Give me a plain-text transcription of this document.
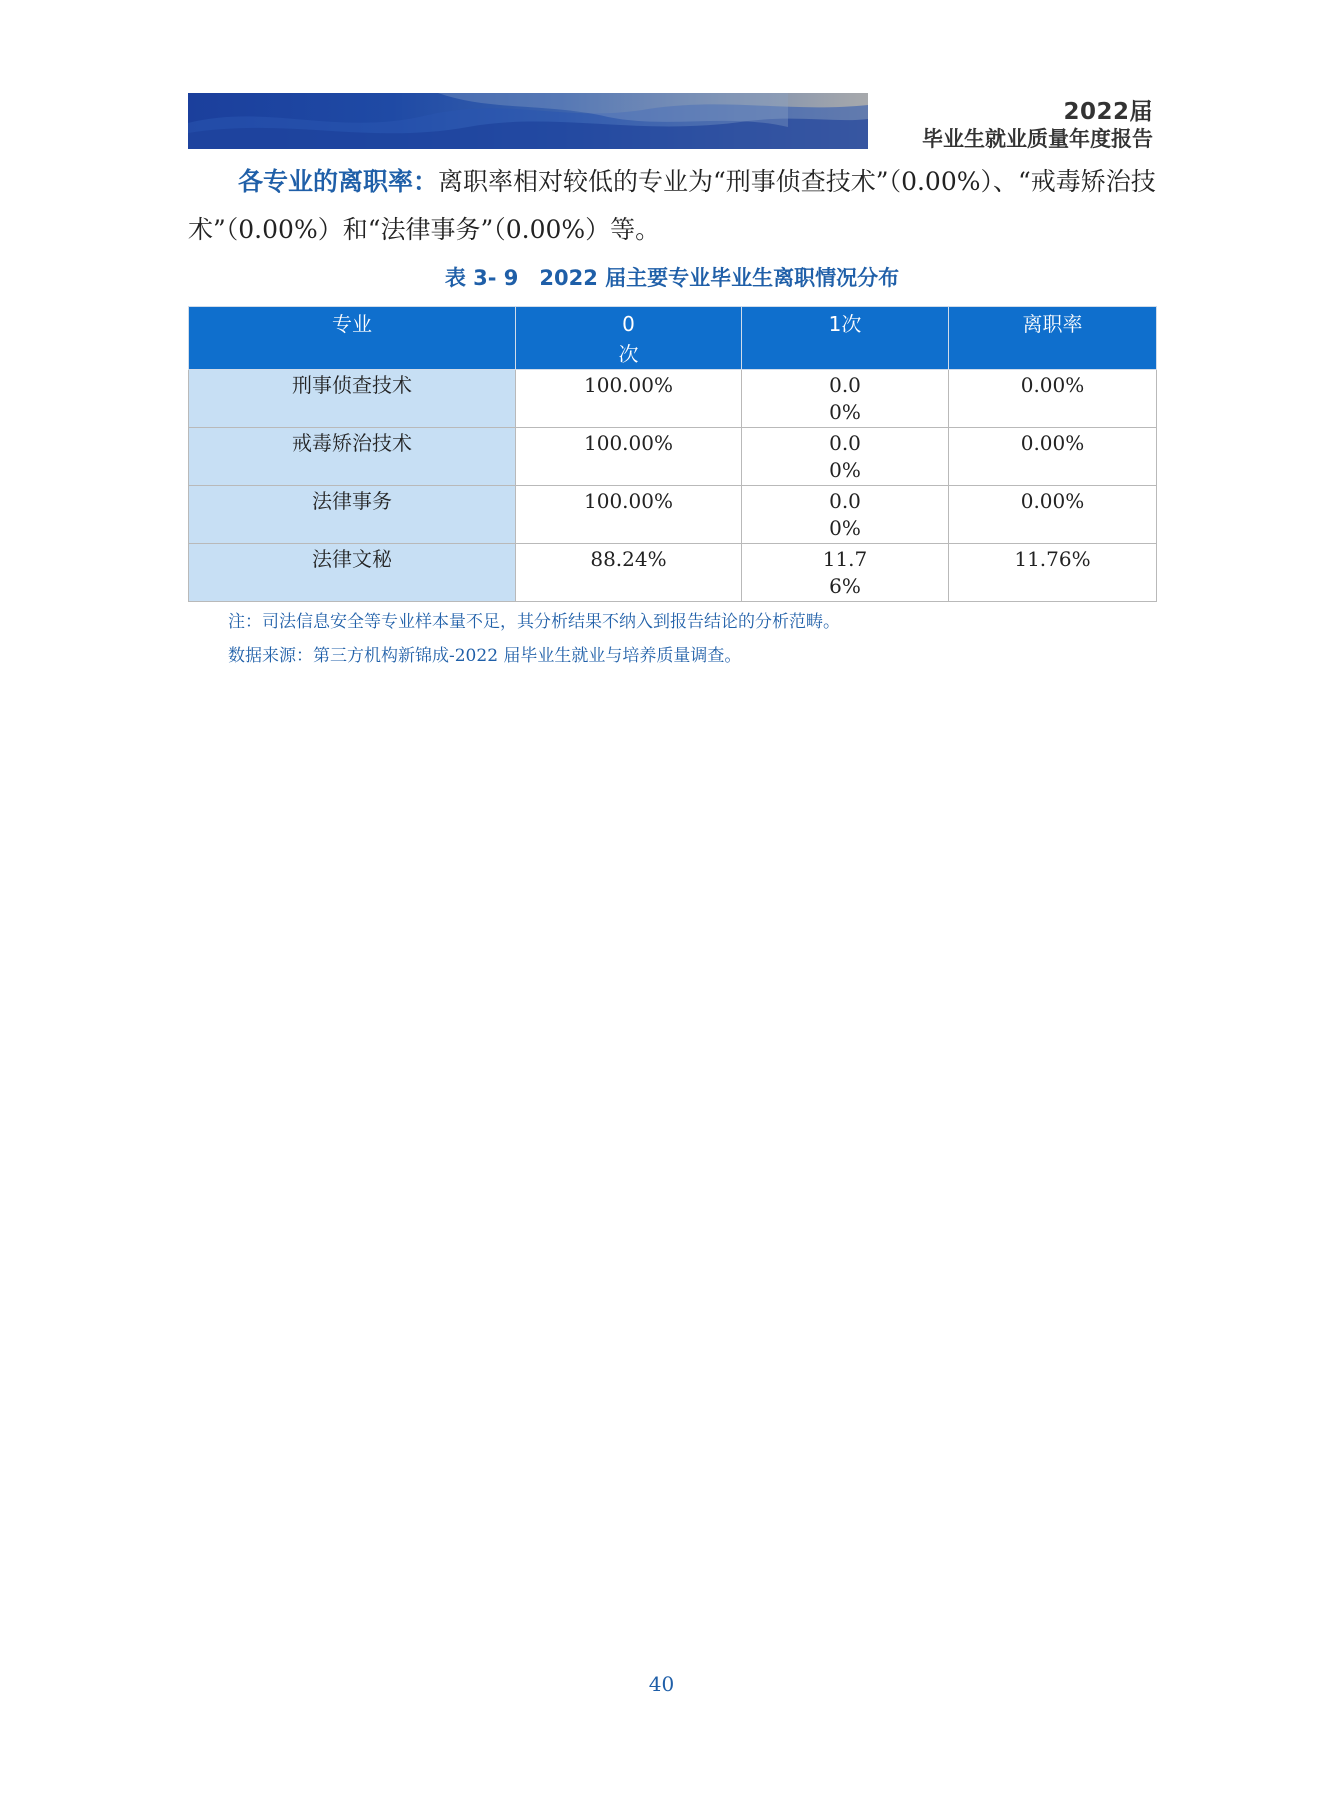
2022届
毕业生就业质量年度报告
各专业的离职率：离职率相对较低的专业为“刑事侦查技术”（0.00%）、“戒毒矫治技术”（0.00%）和“法律事务”（0.00%）等。
表 3- 9　2022 届主要专业毕业生离职情况分布
专业	0次	1次	离职率
刑事侦查技术	100.00%	0.00%	0.00%
戒毒矫治技术	100.00%	0.00%	0.00%
法律事务	100.00%	0.00%	0.00%
法律文秘	88.24%	11.76%	11.76%
注：司法信息安全等专业样本量不足，其分析结果不纳入到报告结论的分析范畴。
数据来源：第三方机构新锦成-2022 届毕业生就业与培养质量调查。
40
